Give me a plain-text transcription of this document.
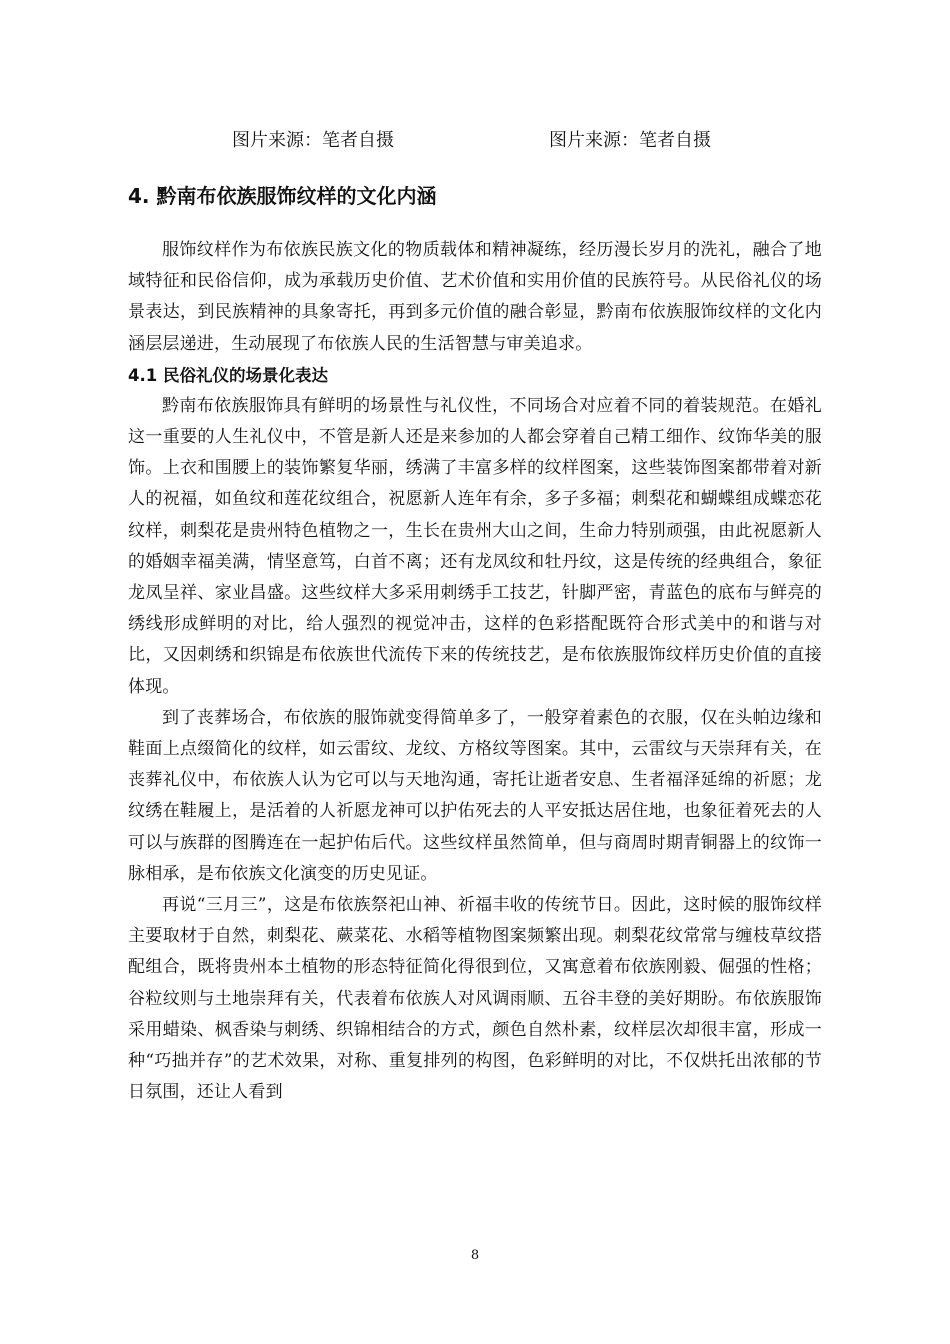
图片来源：笔者自摄	图片来源：笔者自摄
4. 黔南布依族服饰纹样的文化内涵

服饰纹样作为布依族民族文化的物质载体和精神凝练，经历漫长岁月的洗礼，融合了地域特征和民俗信仰，成为承载历史价值、艺术价值和实用价值的民族符号。从民俗礼仪的场景表达，到民族精神的具象寄托，再到多元价值的融合彰显，黔南布依族服饰纹样的文化内涵层层递进，生动展现了布依族人民的生活智慧与审美追求。

4.1 民俗礼仪的场景化表达

黔南布依族服饰具有鲜明的场景性与礼仪性，不同场合对应着不同的着装规范。在婚礼这一重要的人生礼仪中，不管是新人还是来参加的人都会穿着自己精工细作、纹饰华美的服饰。上衣和围腰上的装饰繁复华丽，绣满了丰富多样的纹样图案，这些装饰图案都带着对新人的祝福，如鱼纹和莲花纹组合，祝愿新人连年有余，多子多福；刺梨花和蝴蝶组成蝶恋花纹样，刺梨花是贵州特色植物之一，生长在贵州大山之间，生命力特别顽强，由此祝愿新人的婚姻幸福美满，情坚意笃，白首不离；还有龙凤纹和牡丹纹，这是传统的经典组合，象征龙凤呈祥、家业昌盛。这些纹样大多采用刺绣手工技艺，针脚严密，青蓝色的底布与鲜亮的绣线形成鲜明的对比，给人强烈的视觉冲击，这样的色彩搭配既符合形式美中的和谐与对比，又因刺绣和织锦是布依族世代流传下来的传统技艺，是布依族服饰纹样历史价值的直接体现。

到了丧葬场合，布依族的服饰就变得简单多了，一般穿着素色的衣服，仅在头帕边缘和鞋面上点缀简化的纹样，如云雷纹、龙纹、方格纹等图案。其中，云雷纹与天崇拜有关，在丧葬礼仪中，布依族人认为它可以与天地沟通，寄托让逝者安息、生者福泽延绵的祈愿；龙纹绣在鞋履上，是活着的人祈愿龙神可以护佑死去的人平安抵达居住地，也象征着死去的人可以与族群的图腾连在一起护佑后代。这些纹样虽然简单，但与商周时期青铜器上的纹饰一脉相承，是布依族文化演变的历史见证。

再说“三月三”，这是布依族祭祀山神、祈福丰收的传统节日。因此，这时候的服饰纹样主要取材于自然，刺梨花、蕨菜花、水稻等植物图案频繁出现。刺梨花纹常常与缠枝草纹搭配组合，既将贵州本土植物的形态特征简化得很到位，又寓意着布依族刚毅、倔强的性格；谷粒纹则与土地崇拜有关，代表着布依族人对风调雨顺、五谷丰登的美好期盼。布依族服饰采用蜡染、枫香染与刺绣、织锦相结合的方式，颜色自然朴素，纹样层次却很丰富，形成一种“巧拙并存”的艺术效果，对称、重复排列的构图，色彩鲜明的对比，不仅烘托出浓郁的节日氛围，还让人看到

8
